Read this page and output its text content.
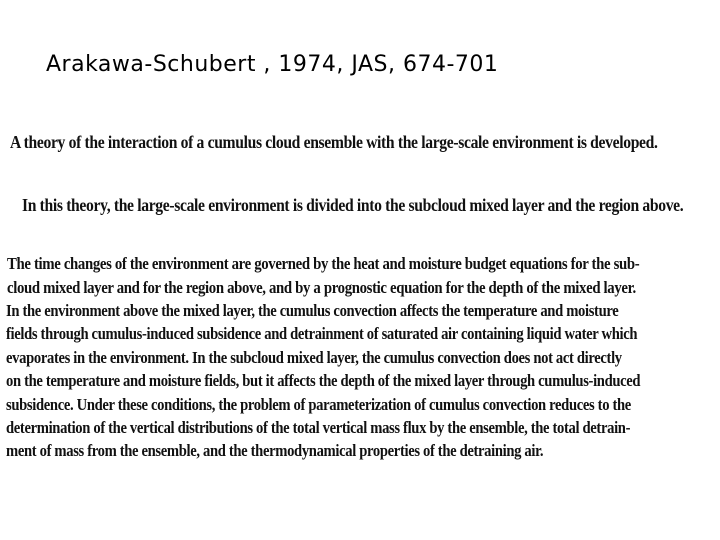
Arakawa-Schubert , 1974, JAS, 674-701
A theory of the interaction of a cumulus cloud ensemble with the large-scale environment is developed.
In this theory, the large-scale environment is divided into the subcloud mixed layer and the region above.
The time changes of the environment are governed by the heat and moisture budget equations for the sub-
cloud mixed layer and for the region above, and by a prognostic equation for the depth of the mixed layer.
In the environment above the mixed layer, the cumulus convection affects the temperature and moisture
fields through cumulus-induced subsidence and detrainment of saturated air containing liquid water which
evaporates in the environment. In the subcloud mixed layer, the cumulus convection does not act directly
on the temperature and moisture fields, but it affects the depth of the mixed layer through cumulus-induced
subsidence. Under these conditions, the problem of parameterization of cumulus convection reduces to the
determination of the vertical distributions of the total vertical mass flux by the ensemble, the total detrain-
ment of mass from the ensemble, and the thermodynamical properties of the detraining air.
